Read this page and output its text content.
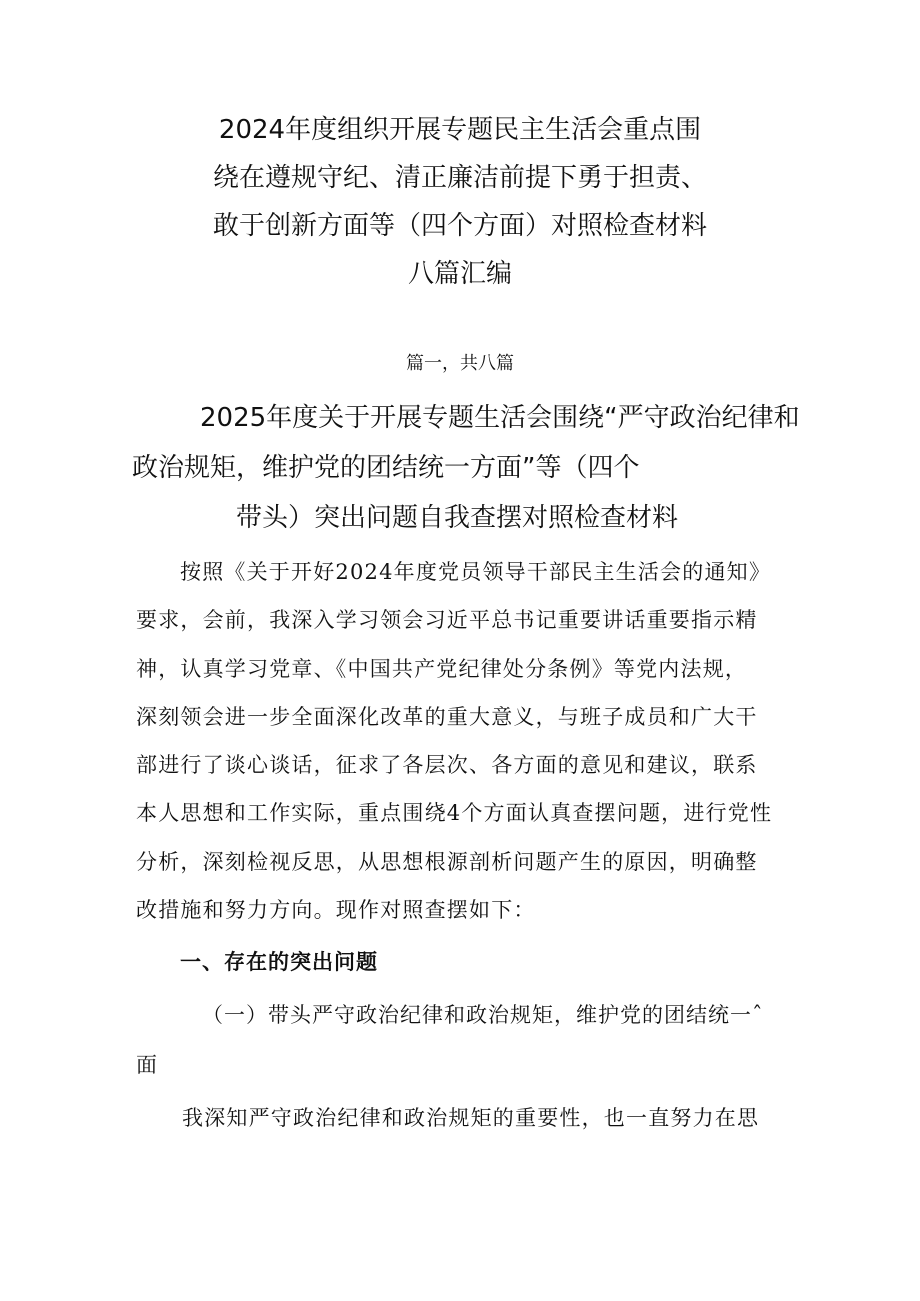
2024年度组织开展专题民主生活会重点围
绕在遵规守纪、清正廉洁前提下勇于担责、
敢于创新方面等（四个方面）对照检查材料
八篇汇编
篇一，共八篇
2025年度关于开展专题生活会围绕“严守政治纪律和
政治规矩，维护党的团结统一方面”等（四个
带头）突出问题自我查摆对照检查材料
按照《关于开好2024年度党员领导干部民主生活会的通知》
要求，会前，我深入学习领会习近平总书记重要讲话重要指示精
神，认真学习党章、《中国共产党纪律处分条例》等党内法规，
深刻领会进一步全面深化改革的重大意义，与班子成员和广大干
部进行了谈心谈话，征求了各层次、各方面的意见和建议，联系
本人思想和工作实际，重点围绕4个方面认真查摆问题，进行党性
分析，深刻检视反思，从思想根源剖析问题产生的原因，明确整
改措施和努力方向。现作对照查摆如下：
一、存在的突出问题
（一）带头严守政治纪律和政治规矩，维护党的团结统一ˆ
面
我深知严守政治纪律和政治规矩的重要性，也一直努力在思
